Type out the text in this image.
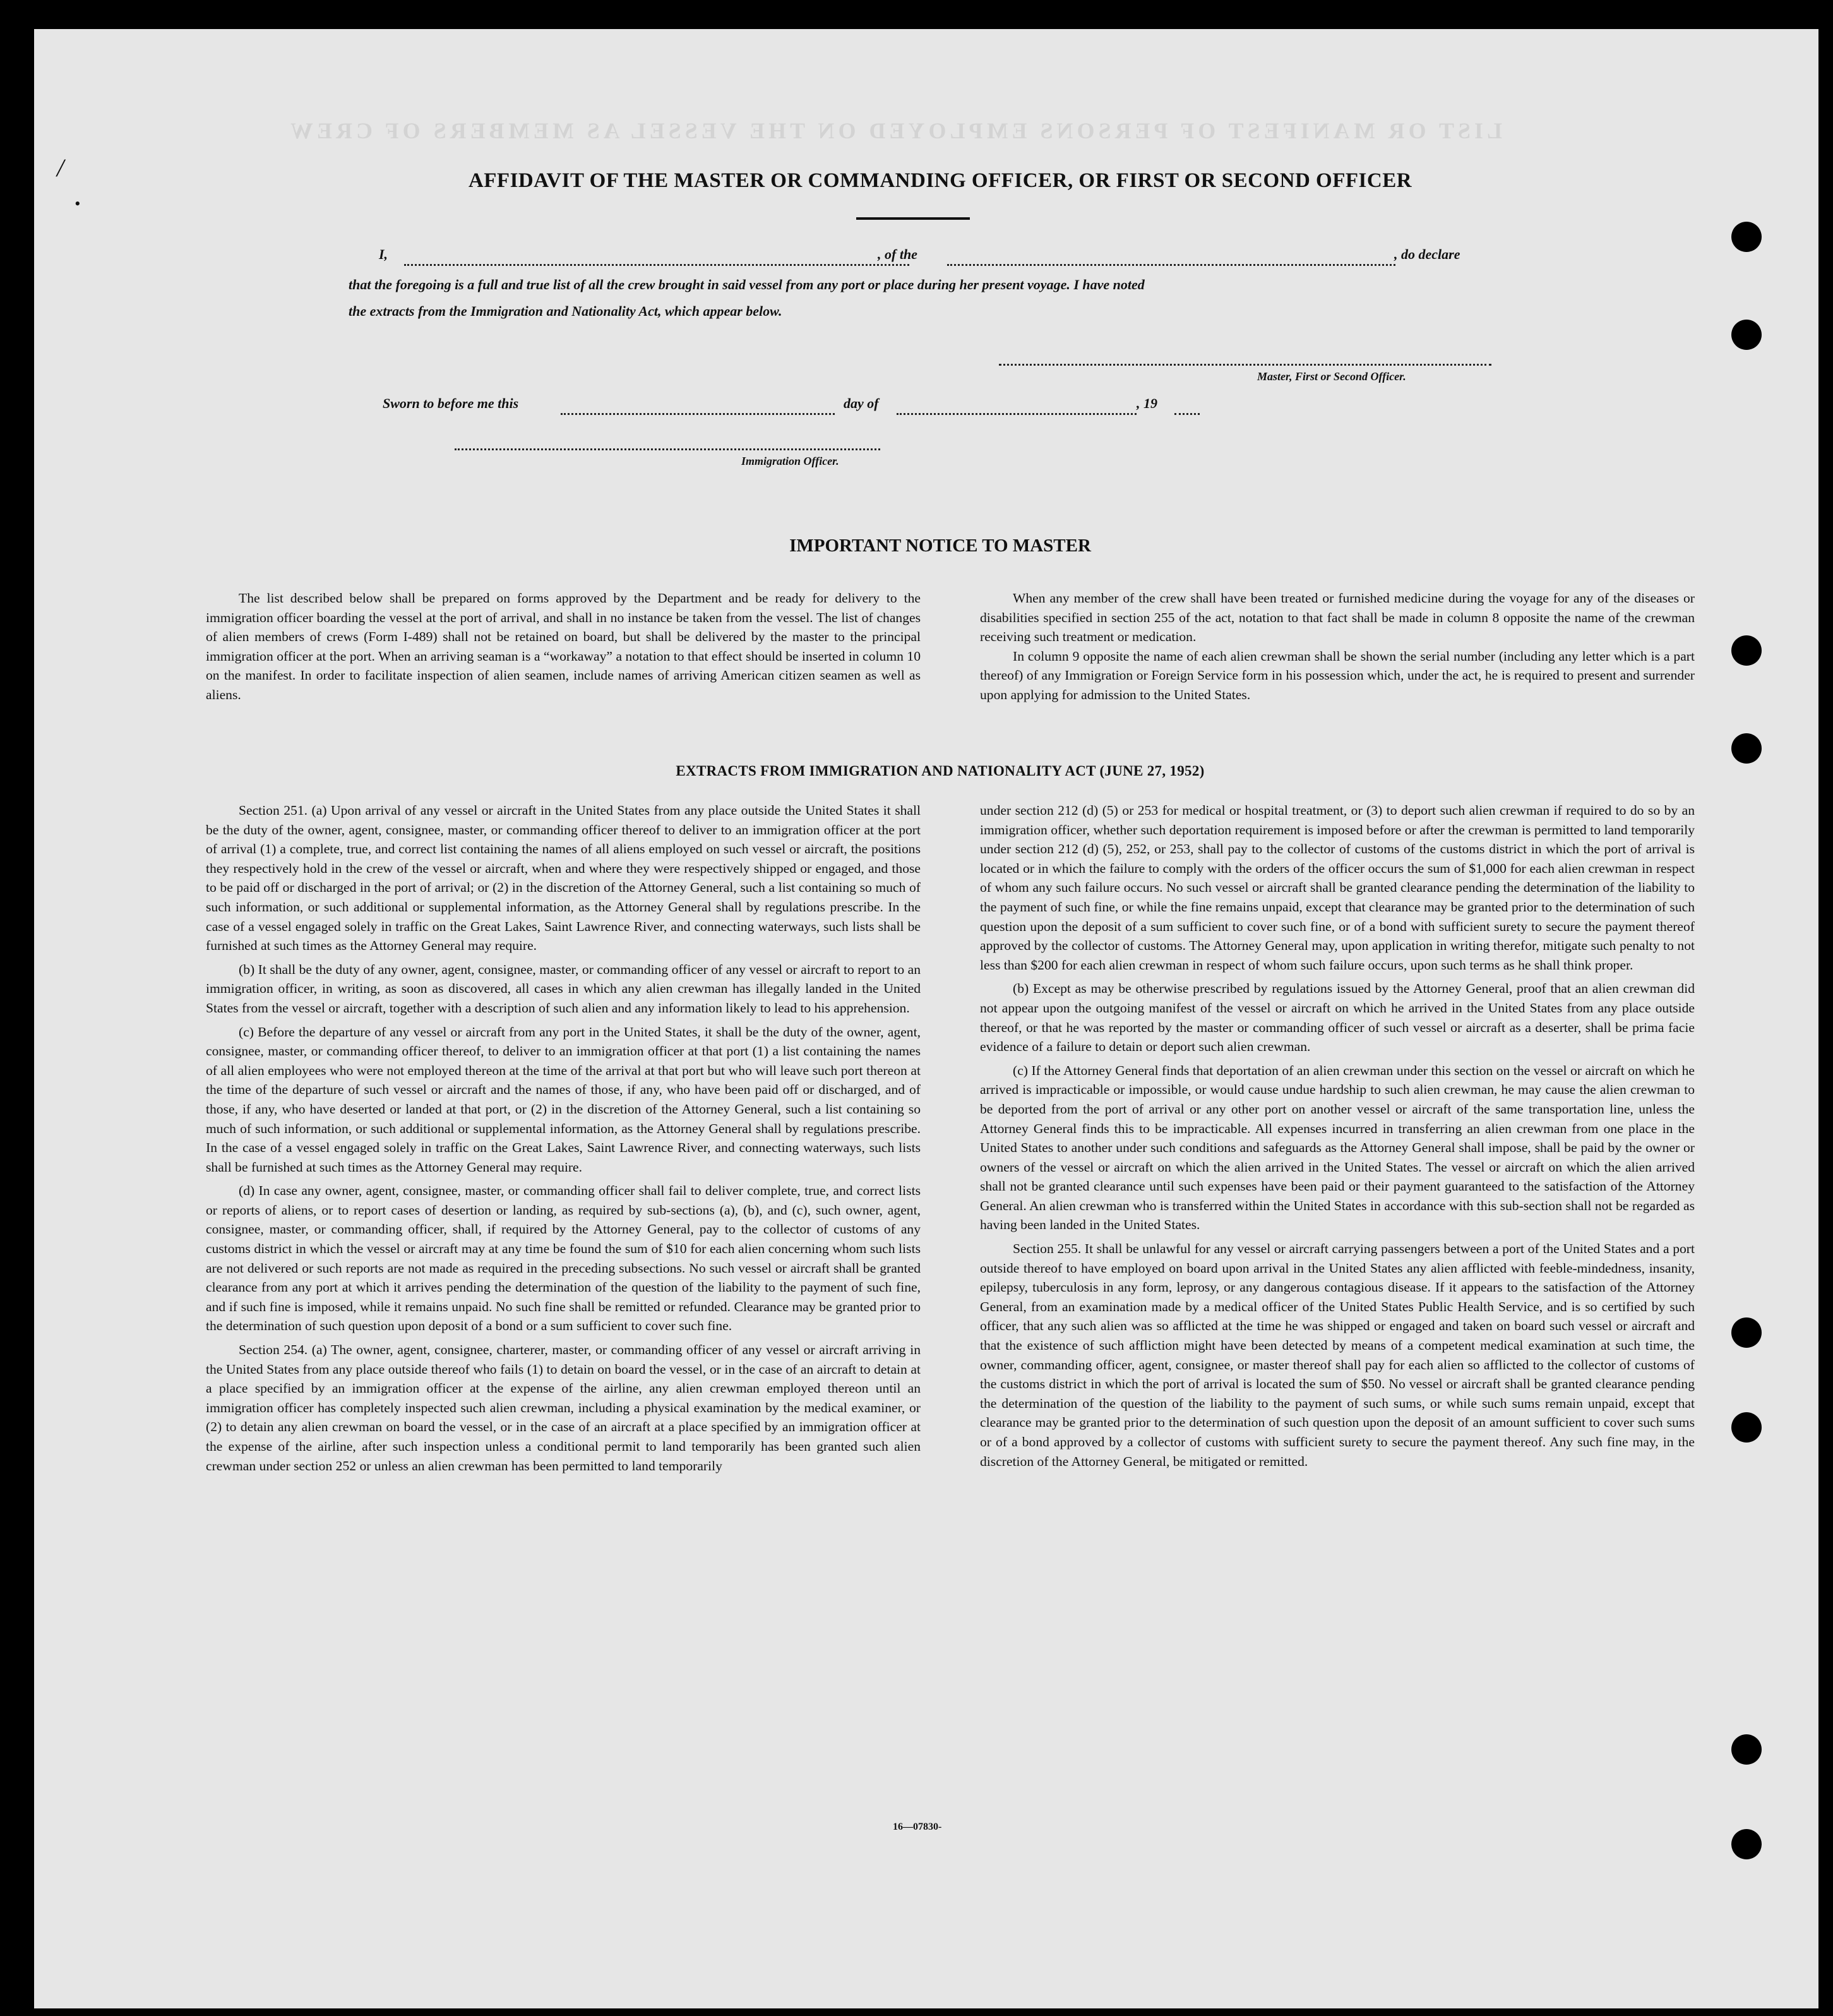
LIST OR MANIFEST OF PERSONS EMPLOYED ON THE VESSEL AS MEMBERS OF CREW
/
•
AFFIDAVIT OF THE MASTER OR COMMANDING OFFICER, OR FIRST OR SECOND OFFICER
I,	, of the	, do declare
that the foregoing is a full and true list of all the crew brought in said vessel from any port or place during her present voyage. I have noted
the extracts from the Immigration and Nationality Act, which appear below.
Master, First or Second Officer.
Sworn to before me this	day of	, 19
Immigration Officer.
IMPORTANT NOTICE TO MASTER

The list described below shall be prepared on forms approved by the Department and be ready for delivery to the immigration officer boarding the vessel at the port of arrival, and shall in no instance be taken from the vessel. The list of changes of alien members of crews (Form I-489) shall not be retained on board, but shall be delivered by the master to the principal immigration officer at the port. When an arriving seaman is a “workaway” a notation to that effect should be inserted in column 10 on the manifest. In order to facilitate inspection of alien seamen, include names of arriving American citizen seamen as well as aliens.

When any member of the crew shall have been treated or furnished medicine during the voyage for any of the diseases or disabilities specified in section 255 of the act, notation to that fact shall be made in column 8 opposite the name of the crewman receiving such treatment or medication.

In column 9 opposite the name of each alien crewman shall be shown the serial number (including any letter which is a part thereof) of any Immigration or Foreign Service form in his possession which, under the act, he is required to present and surrender upon applying for admission to the United States.

EXTRACTS FROM IMMIGRATION AND NATIONALITY ACT (JUNE 27, 1952)

Section 251. (a) Upon arrival of any vessel or aircraft in the United States from any place outside the United States it shall be the duty of the owner, agent, consignee, master, or commanding officer thereof to deliver to an immigration officer at the port of arrival (1) a complete, true, and correct list containing the names of all aliens employed on such vessel or aircraft, the positions they respectively hold in the crew of the vessel or aircraft, when and where they were respectively shipped or engaged, and those to be paid off or discharged in the port of arrival; or (2) in the discretion of the Attorney General, such a list containing so much of such information, or such additional or supplemental information, as the Attorney General shall by regulations prescribe. In the case of a vessel engaged solely in traffic on the Great Lakes, Saint Lawrence River, and connecting waterways, such lists shall be furnished at such times as the Attorney General may require.

(b) It shall be the duty of any owner, agent, consignee, master, or commanding officer of any vessel or aircraft to report to an immigration officer, in writing, as soon as discovered, all cases in which any alien crewman has illegally landed in the United States from the vessel or aircraft, together with a description of such alien and any information likely to lead to his apprehension.

(c) Before the departure of any vessel or aircraft from any port in the United States, it shall be the duty of the owner, agent, consignee, master, or commanding officer thereof, to deliver to an immigration officer at that port (1) a list containing the names of all alien employees who were not employed thereon at the time of the arrival at that port but who will leave such port thereon at the time of the departure of such vessel or aircraft and the names of those, if any, who have been paid off or discharged, and of those, if any, who have deserted or landed at that port, or (2) in the discretion of the Attorney General, such a list containing so much of such information, or such additional or supplemental information, as the Attorney General shall by regulations prescribe. In the case of a vessel engaged solely in traffic on the Great Lakes, Saint Lawrence River, and connecting waterways, such lists shall be furnished at such times as the Attorney General may require.

(d) In case any owner, agent, consignee, master, or commanding officer shall fail to deliver complete, true, and correct lists or reports of aliens, or to report cases of desertion or landing, as required by sub-sections (a), (b), and (c), such owner, agent, consignee, master, or commanding officer, shall, if required by the Attorney General, pay to the collector of customs of any customs district in which the vessel or aircraft may at any time be found the sum of $10 for each alien concerning whom such lists are not delivered or such reports are not made as required in the preceding subsections. No such vessel or aircraft shall be granted clearance from any port at which it arrives pending the determination of the question of the liability to the payment of such fine, and if such fine is imposed, while it remains unpaid. No such fine shall be remitted or refunded. Clearance may be granted prior to the determination of such question upon deposit of a bond or a sum sufficient to cover such fine.

Section 254. (a) The owner, agent, consignee, charterer, master, or commanding officer of any vessel or aircraft arriving in the United States from any place outside thereof who fails (1) to detain on board the vessel, or in the case of an aircraft to detain at a place specified by an immigration officer at the expense of the airline, any alien crewman employed thereon until an immigration officer has completely inspected such alien crewman, including a physical examination by the medical examiner, or (2) to detain any alien crewman on board the vessel, or in the case of an aircraft at a place specified by an immigration officer at the expense of the airline, after such inspection unless a conditional permit to land temporarily has been granted such alien crewman under section 252 or unless an alien crewman has been permitted to land temporarily

under section 212 (d) (5) or 253 for medical or hospital treatment, or (3) to deport such alien crewman if required to do so by an immigration officer, whether such deportation requirement is imposed before or after the crewman is permitted to land temporarily under section 212 (d) (5), 252, or 253, shall pay to the collector of customs of the customs district in which the port of arrival is located or in which the failure to comply with the orders of the officer occurs the sum of $1,000 for each alien crewman in respect of whom any such failure occurs. No such vessel or aircraft shall be granted clearance pending the determination of the liability to the payment of such fine, or while the fine remains unpaid, except that clearance may be granted prior to the determination of such question upon the deposit of a sum sufficient to cover such fine, or of a bond with sufficient surety to secure the payment thereof approved by the collector of customs. The Attorney General may, upon application in writing therefor, mitigate such penalty to not less than $200 for each alien crewman in respect of whom such failure occurs, upon such terms as he shall think proper.

(b) Except as may be otherwise prescribed by regulations issued by the Attorney General, proof that an alien crewman did not appear upon the outgoing manifest of the vessel or aircraft on which he arrived in the United States from any place outside thereof, or that he was reported by the master or commanding officer of such vessel or aircraft as a deserter, shall be prima facie evidence of a failure to detain or deport such alien crewman.

(c) If the Attorney General finds that deportation of an alien crewman under this section on the vessel or aircraft on which he arrived is impracticable or impossible, or would cause undue hardship to such alien crewman, he may cause the alien crewman to be deported from the port of arrival or any other port on another vessel or aircraft of the same transportation line, unless the Attorney General finds this to be impracticable. All expenses incurred in transferring an alien crewman from one place in the United States to another under such conditions and safeguards as the Attorney General shall impose, shall be paid by the owner or owners of the vessel or aircraft on which the alien arrived in the United States. The vessel or aircraft on which the alien arrived shall not be granted clearance until such expenses have been paid or their payment guaranteed to the satisfaction of the Attorney General. An alien crewman who is transferred within the United States in accordance with this sub-section shall not be regarded as having been landed in the United States.

Section 255. It shall be unlawful for any vessel or aircraft carrying passengers between a port of the United States and a port outside thereof to have employed on board upon arrival in the United States any alien afflicted with feeble-mindedness, insanity, epilepsy, tuberculosis in any form, leprosy, or any dangerous contagious disease. If it appears to the satisfaction of the Attorney General, from an examination made by a medical officer of the United States Public Health Service, and is so certified by such officer, that any such alien was so afflicted at the time he was shipped or engaged and taken on board such vessel or aircraft and that the existence of such affliction might have been detected by means of a competent medical examination at such time, the owner, commanding officer, agent, consignee, or master thereof shall pay for each alien so afflicted to the collector of customs of the customs district in which the port of arrival is located the sum of $50. No vessel or aircraft shall be granted clearance pending the determination of the question of the liability to the payment of such sums, or while such sums remain unpaid, except that clearance may be granted prior to the determination of such question upon the deposit of an amount sufficient to cover such sums or of a bond approved by a collector of customs with sufficient surety to secure the payment thereof. Any such fine may, in the discretion of the Attorney General, be mitigated or remitted.

16—07830-
